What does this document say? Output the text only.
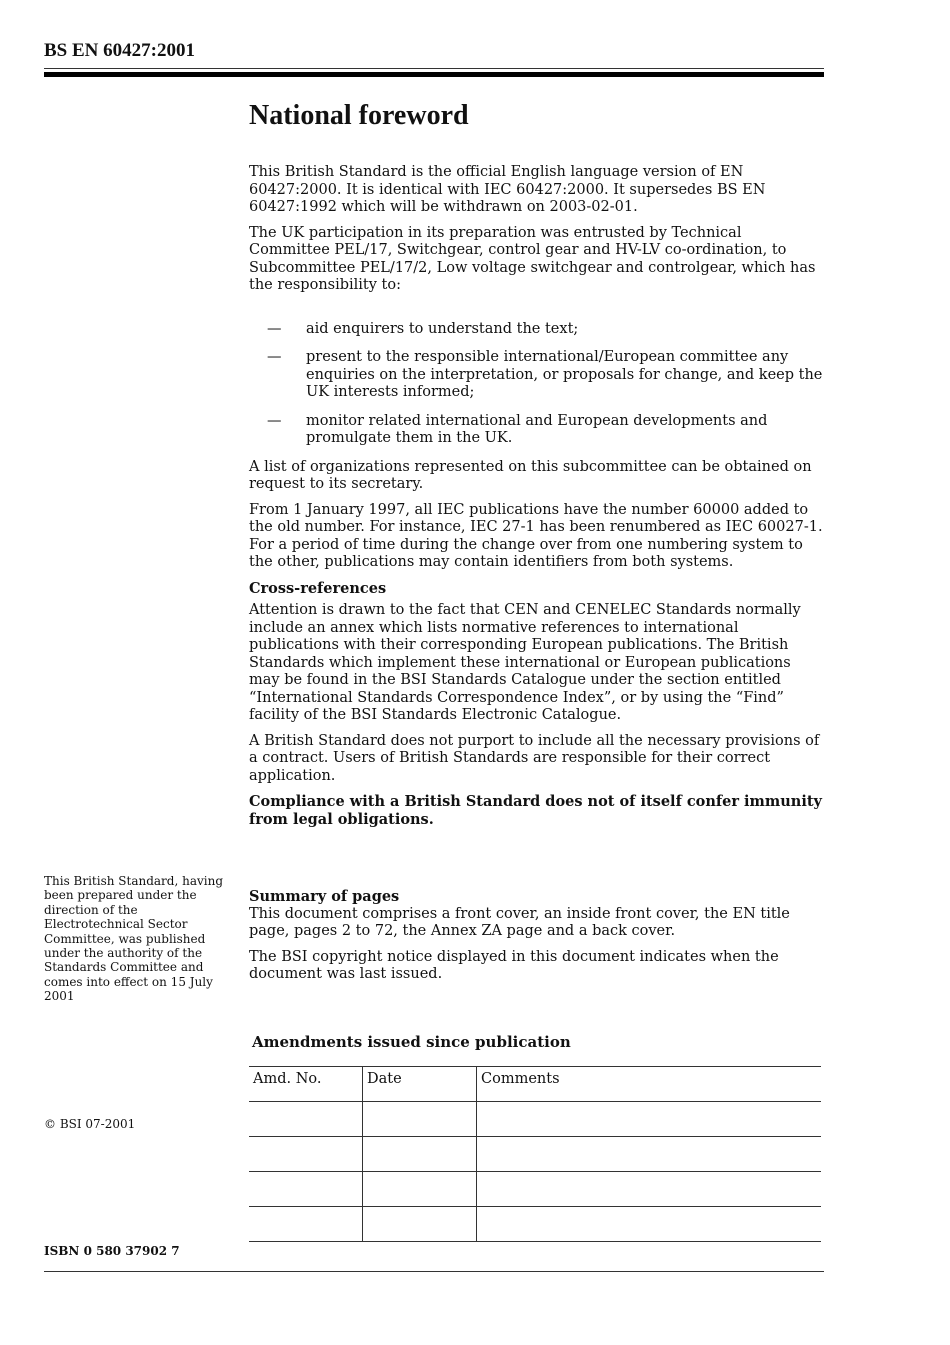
BS EN 60427:2001
National foreword

This British Standard is the official English language version of EN 60427:2000. It is identical with IEC 60427:2000. It supersedes BS EN 60427:1992 which will be withdrawn on 2003-02-01.

The UK participation in its preparation was entrusted by Technical Committee PEL/17, Switchgear, control gear and HV-LV co-ordination, to Subcommittee PEL/17/2, Low voltage switchgear and controlgear, which has the responsibility to:

— aid enquirers to understand the text;
— present to the responsible international/European committee any enquiries on the interpretation, or proposals for change, and keep the UK interests informed;
— monitor related international and European developments and promulgate them in the UK.

A list of organizations represented on this subcommittee can be obtained on request to its secretary.

From 1 January 1997, all IEC publications have the number 60000 added to the old number. For instance, IEC 27-1 has been renumbered as IEC 60027-1. For a period of time during the change over from one numbering system to the other, publications may contain identifiers from both systems.

Cross-references

Attention is drawn to the fact that CEN and CENELEC Standards normally include an annex which lists normative references to international publications with their corresponding European publications. The British Standards which implement these international or European publications may be found in the BSI Standards Catalogue under the section entitled “International Standards Correspondence Index”, or by using the “Find” facility of the BSI Standards Electronic Catalogue.

A British Standard does not purport to include all the necessary provisions of a contract. Users of British Standards are responsible for their correct application.

Compliance with a British Standard does not of itself confer immunity from legal obligations.

Summary of pages

This document comprises a front cover, an inside front cover, the EN title page, pages 2 to 72, the Annex ZA page and a back cover.

The BSI copyright notice displayed in this document indicates when the document was last issued.

This British Standard, having been prepared under the direction of the Electrotechnical Sector Committee, was published under the authority of the Standards Committee and comes into effect on 15 July 2001
© BSI 07-2001
ISBN 0 580 37902 7
Amendments issued since publication
Amd. No.	Date	Comments
